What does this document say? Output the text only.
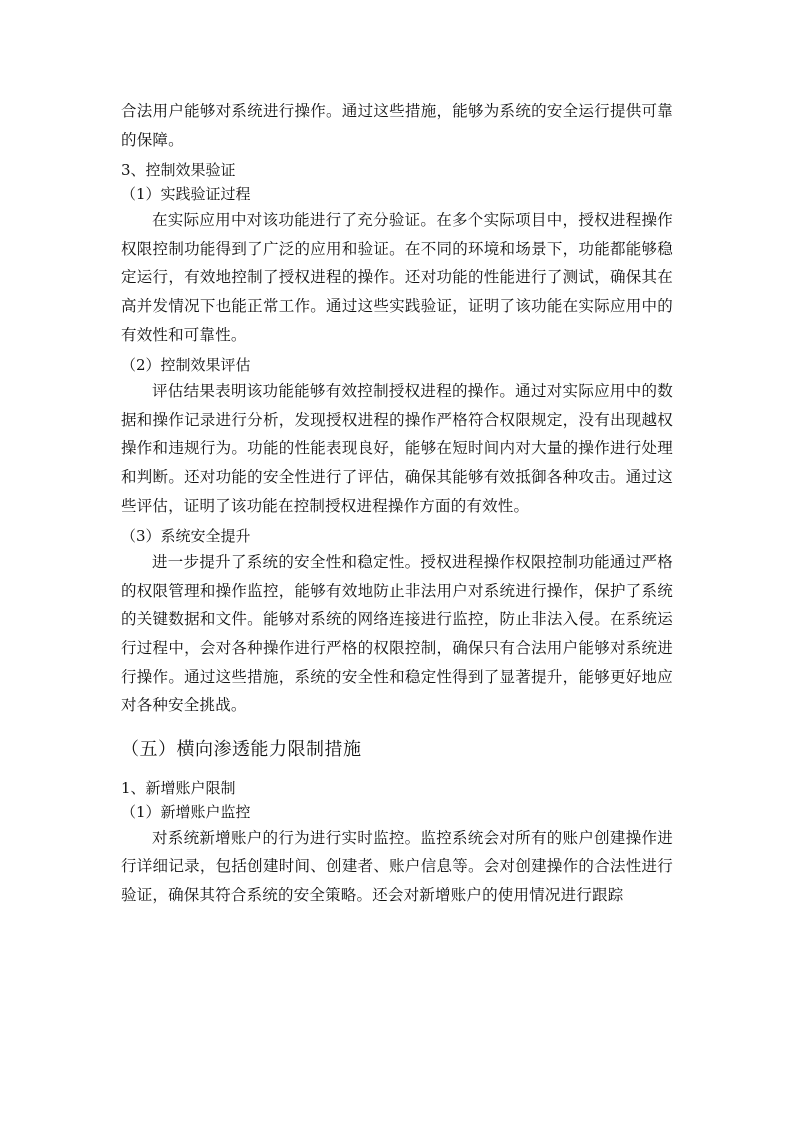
合法用户能够对系统进行操作。通过这些措施，能够为系统的安全运行提供可靠的保障。

3、控制效果验证
（1）实践验证过程

在实际应用中对该功能进行了充分验证。在多个实际项目中，授权进程操作权限控制功能得到了广泛的应用和验证。在不同的环境和场景下，功能都能够稳定运行，有效地控制了授权进程的操作。还对功能的性能进行了测试，确保其在高并发情况下也能正常工作。通过这些实践验证，证明了该功能在实际应用中的有效性和可靠性。

（2）控制效果评估

评估结果表明该功能能够有效控制授权进程的操作。通过对实际应用中的数据和操作记录进行分析，发现授权进程的操作严格符合权限规定，没有出现越权操作和违规行为。功能的性能表现良好，能够在短时间内对大量的操作进行处理和判断。还对功能的安全性进行了评估，确保其能够有效抵御各种攻击。通过这些评估，证明了该功能在控制授权进程操作方面的有效性。

（3）系统安全提升

进一步提升了系统的安全性和稳定性。授权进程操作权限控制功能通过严格的权限管理和操作监控，能够有效地防止非法用户对系统进行操作，保护了系统的关键数据和文件。能够对系统的网络连接进行监控，防止非法入侵。在系统运行过程中，会对各种操作进行严格的权限控制，确保只有合法用户能够对系统进行操作。通过这些措施，系统的安全性和稳定性得到了显著提升，能够更好地应对各种安全挑战。

（五）横向渗透能力限制措施
1、新增账户限制
（1）新增账户监控

对系统新增账户的行为进行实时监控。监控系统会对所有的账户创建操作进行详细记录，包括创建时间、创建者、账户信息等。会对创建操作的合法性进行验证，确保其符合系统的安全策略。还会对新增账户的使用情况进行跟踪
